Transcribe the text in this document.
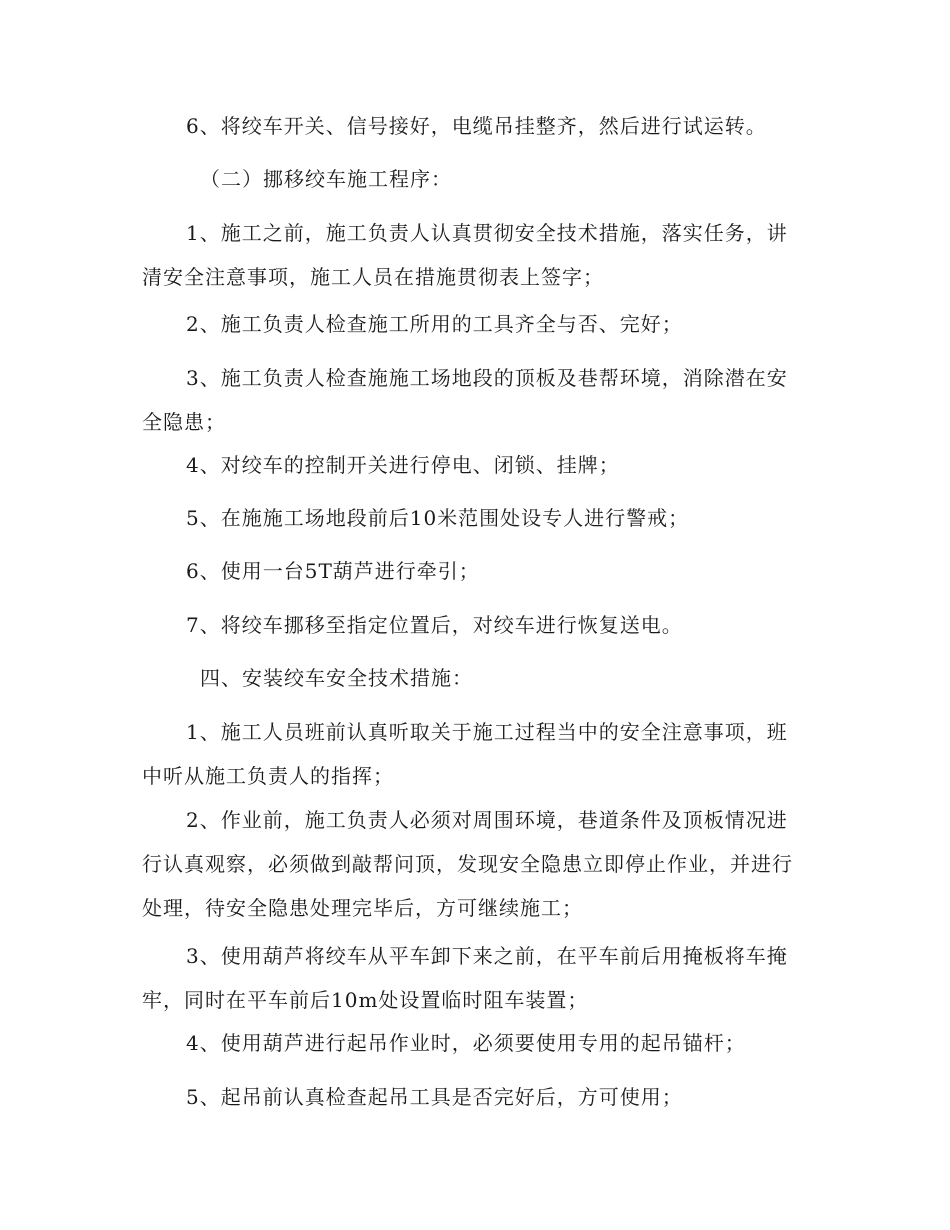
6、将绞车开关、信号接好，电缆吊挂整齐，然后进行试运转。

（二）挪移绞车施工程序：

1、施工之前，施工负责人认真贯彻安全技术措施，落实任务，讲清安全注意事项，施工人员在措施贯彻表上签字；

2、施工负责人检查施工所用的工具齐全与否、完好；

3、施工负责人检查施施工场地段的顶板及巷帮环境，消除潜在安全隐患；

4、对绞车的控制开关进行停电、闭锁、挂牌；

5、在施施工场地段前后10米范围处设专人进行警戒；

6、使用一台5T葫芦进行牵引；

7、将绞车挪移至指定位置后，对绞车进行恢复送电。

四、安装绞车安全技术措施：

1、施工人员班前认真听取关于施工过程当中的安全注意事项，班中听从施工负责人的指挥；

2、作业前，施工负责人必须对周围环境，巷道条件及顶板情况进行认真观察，必须做到敲帮问顶，发现安全隐患立即停止作业，并进行处理，待安全隐患处理完毕后，方可继续施工；

3、使用葫芦将绞车从平车卸下来之前，在平车前后用掩板将车掩牢，同时在平车前后10m处设置临时阻车装置；

4、使用葫芦进行起吊作业时，必须要使用专用的起吊锚杆；

5、起吊前认真检查起吊工具是否完好后，方可使用；
